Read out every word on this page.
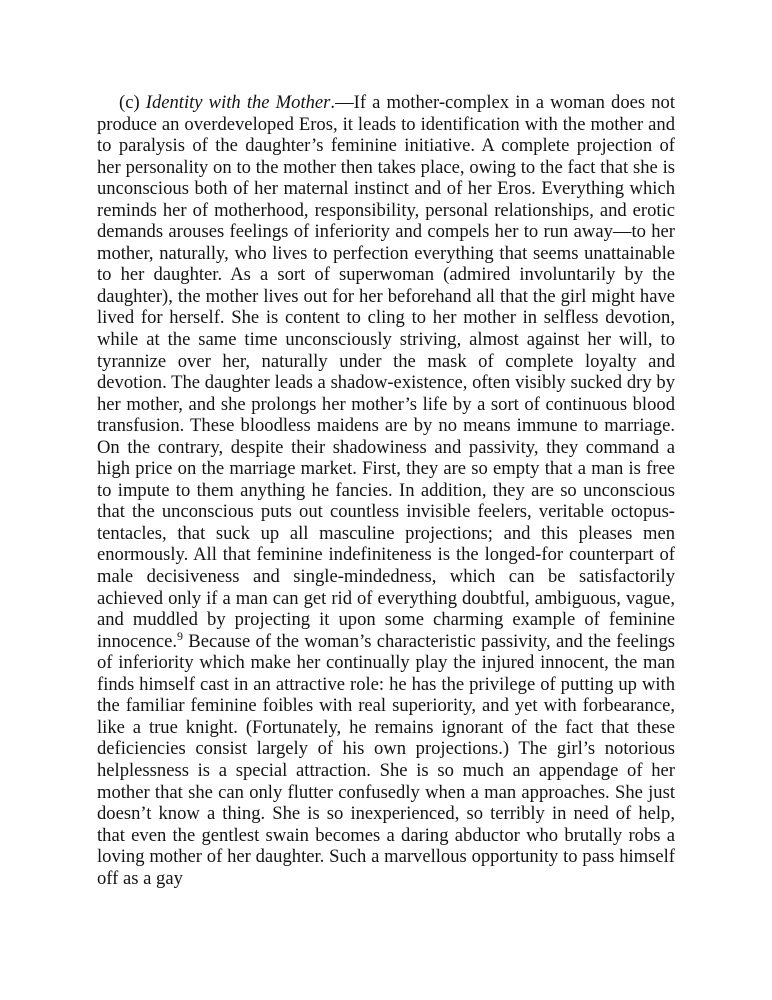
(c) Identity with the Mother.—If a mother-complex in a woman does not produce an overdeveloped Eros, it leads to identification with the mother and to paralysis of the daughter’s feminine initiative. A complete projection of her personality on to the mother then takes place, owing to the fact that she is unconscious both of her maternal instinct and of her Eros. Everything which reminds her of motherhood, responsibility, personal relationships, and erotic demands arouses feelings of inferiority and compels her to run away—to her mother, naturally, who lives to perfection everything that seems unattainable to her daughter. As a sort of superwoman (admired involuntarily by the daughter), the mother lives out for her beforehand all that the girl might have lived for herself. She is content to cling to her mother in selfless devotion, while at the same time unconsciously striving, almost against her will, to tyrannize over her, naturally under the mask of complete loyalty and devotion. The daughter leads a shadow-existence, often visibly sucked dry by her mother, and she prolongs her mother’s life by a sort of continuous blood transfusion. These bloodless maidens are by no means immune to marriage. On the contrary, despite their shadowiness and passivity, they command a high price on the marriage market. First, they are so empty that a man is free to impute to them anything he fancies. In addition, they are so unconscious that the unconscious puts out countless invisible feelers, veritable octopus-tentacles, that suck up all masculine projections; and this pleases men enormously. All that feminine indefiniteness is the longed-for counterpart of male decisiveness and single-mindedness, which can be satisfactorily achieved only if a man can get rid of everything doubtful, ambiguous, vague, and muddled by projecting it upon some charming example of feminine innocence.$^9$ Because of the woman’s characteristic passivity, and the feelings of inferiority which make her continually play the injured innocent, the man finds himself cast in an attractive role: he has the privilege of putting up with the familiar feminine foibles with real superiority, and yet with forbearance, like a true knight. (Fortunately, he remains ignorant of the fact that these deficiencies consist largely of his own projections.) The girl’s notorious helplessness is a special attraction. She is so much an appendage of her mother that she can only flutter confusedly when a man approaches. She just doesn’t know a thing. She is so inexperienced, so terribly in need of help, that even the gentlest swain becomes a daring abductor who brutally robs a loving mother of her daughter. Such a marvellous opportunity to pass himself off as a gay
